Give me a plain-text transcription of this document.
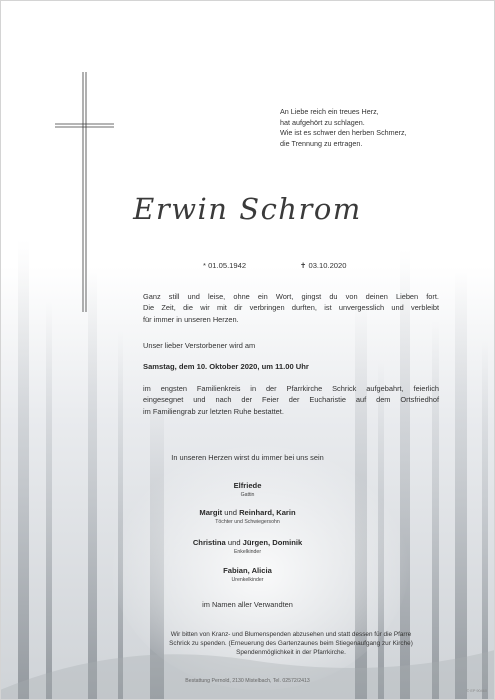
An Liebe reich ein treues Herz,
hat aufgehört zu schlagen.
Wie ist es schwer den herben Schmerz,
die Trennung zu ertragen.
Erwin Schrom
* 01.05.1942	✝ 03.10.2020
Ganz still und leise, ohne ein Wort, gingst du von deinen Lieben fort.
Die Zeit, die wir mit dir verbringen durften, ist unvergesslich und verbleibt
für immer in unseren Herzen.
Unser lieber Verstorbener wird am
Samstag, dem 10. Oktober 2020, um 11.00 Uhr
im engsten Familienkreis in der Pfarrkirche Schrick aufgebahrt, feierlich
eingesegnet und nach der Feier der Eucharistie auf dem Ortsfriedhof
im Familiengrab zur letzten Ruhe bestattet.
In unseren Herzen wirst du immer bei uns sein
Elfriede
Gattin
Margit und Reinhard, Karin
Töchter und Schwiegersohn
Christina und Jürgen, Dominik
Enkelkinder
Fabian, Alicia
Urenkelkinder
im Namen aller Verwandten
Wir bitten von Kranz- und Blumenspenden abzusehen und statt dessen für die Pfarre
Schrick zu spenden. (Erneuerung des Gartenzaunes beim Stiegenaufgang zur Kirche)
Spendenmöglichkeit in der Pfarrkirche.
Bestattung Pernold, 2130 Mistelbach, Tel. 02572/2413
© EP 90460
